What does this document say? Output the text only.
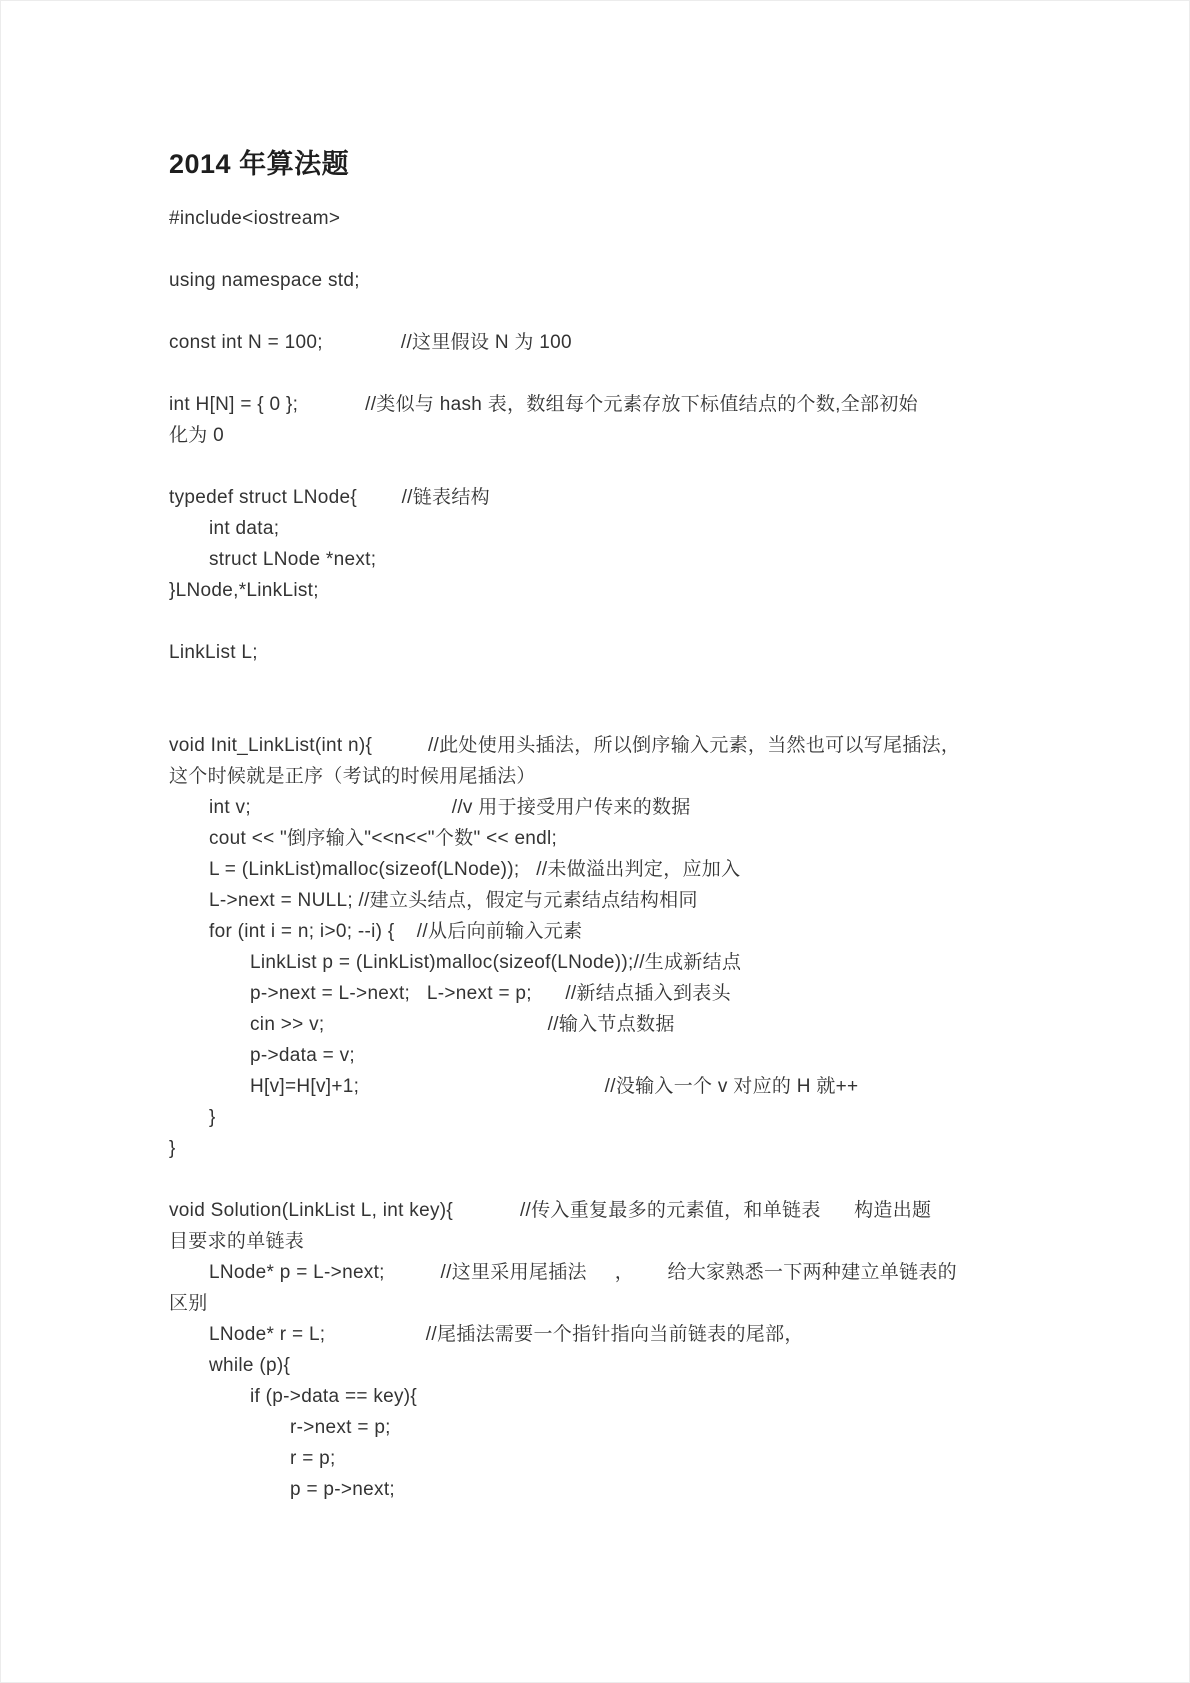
2014 年算法题
#include<iostream>
using namespace std;
const int N = 100;              //这里假设 N 为 100
int H[N] = { 0 };            //类似与 hash 表，数组每个元素存放下标值结点的个数,全部初始
化为 0
typedef struct LNode{        //链表结构
int data;
struct LNode *next;
}LNode,*LinkList;
LinkList L;
void Init_LinkList(int n){          //此处使用头插法，所以倒序输入元素，当然也可以写尾插法，
这个时候就是正序（考试的时候用尾插法）
int v;                                    //v 用于接受用户传来的数据
cout << "倒序输入"<<n<<"个数" << endl;
L = (LinkList)malloc(sizeof(LNode));   //未做溢出判定，应加入
L->next = NULL; //建立头结点，假定与元素结点结构相同
for (int i = n; i>0; --i) {    //从后向前输入元素
LinkList p = (LinkList)malloc(sizeof(LNode));//生成新结点
p->next = L->next;   L->next = p;      //新结点插入到表头
cin >> v;                                        //输入节点数据
p->data = v;
H[v]=H[v]+1;                                            //没输入一个 v 对应的 H 就++
}
}
void Solution(LinkList L, int key){            //传入重复最多的元素值，和单链表      构造出题
目要求的单链表
LNode* p = L->next;          //这里采用尾插法     ，      给大家熟悉一下两种建立单链表的
区别
LNode* r = L;                  //尾插法需要一个指针指向当前链表的尾部，
while (p){
if (p->data == key){
r->next = p;
r = p;
p = p->next;
